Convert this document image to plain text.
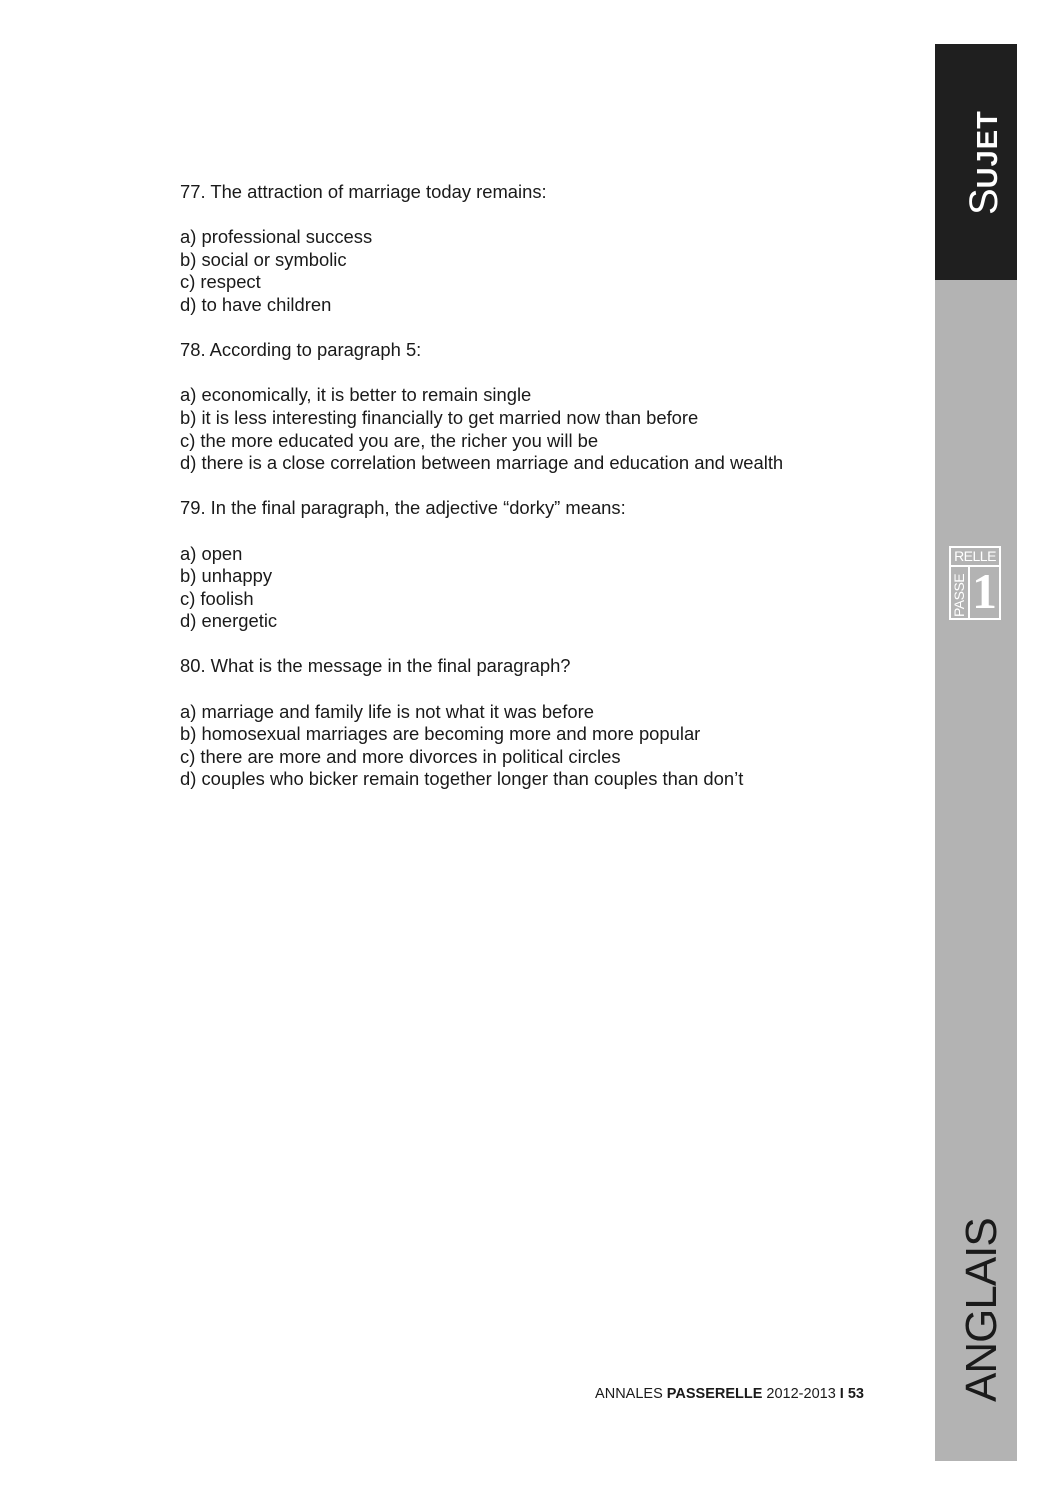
SUJET
RELLE
PASSE 1
ANGLAIS

77. The attraction of marriage today remains:

a) professional success
b) social or symbolic
c) respect
d) to have children

78. According to paragraph 5:

a) economically, it is better to remain single
b) it is less interesting financially to get married now than before
c) the more educated you are, the richer you will be
d) there is a close correlation between marriage and education and wealth

79. In the final paragraph, the adjective “dorky” means:

a) open
b) unhappy
c) foolish
d) energetic

80. What is the message in the final paragraph?

a) marriage and family life is not what it was before
b) homosexual marriages are becoming more and more popular
c) there are more and more divorces in political circles
d) couples who bicker remain together longer than couples than don’t
ANNALES PASSERELLE 2012-2013 I 53
